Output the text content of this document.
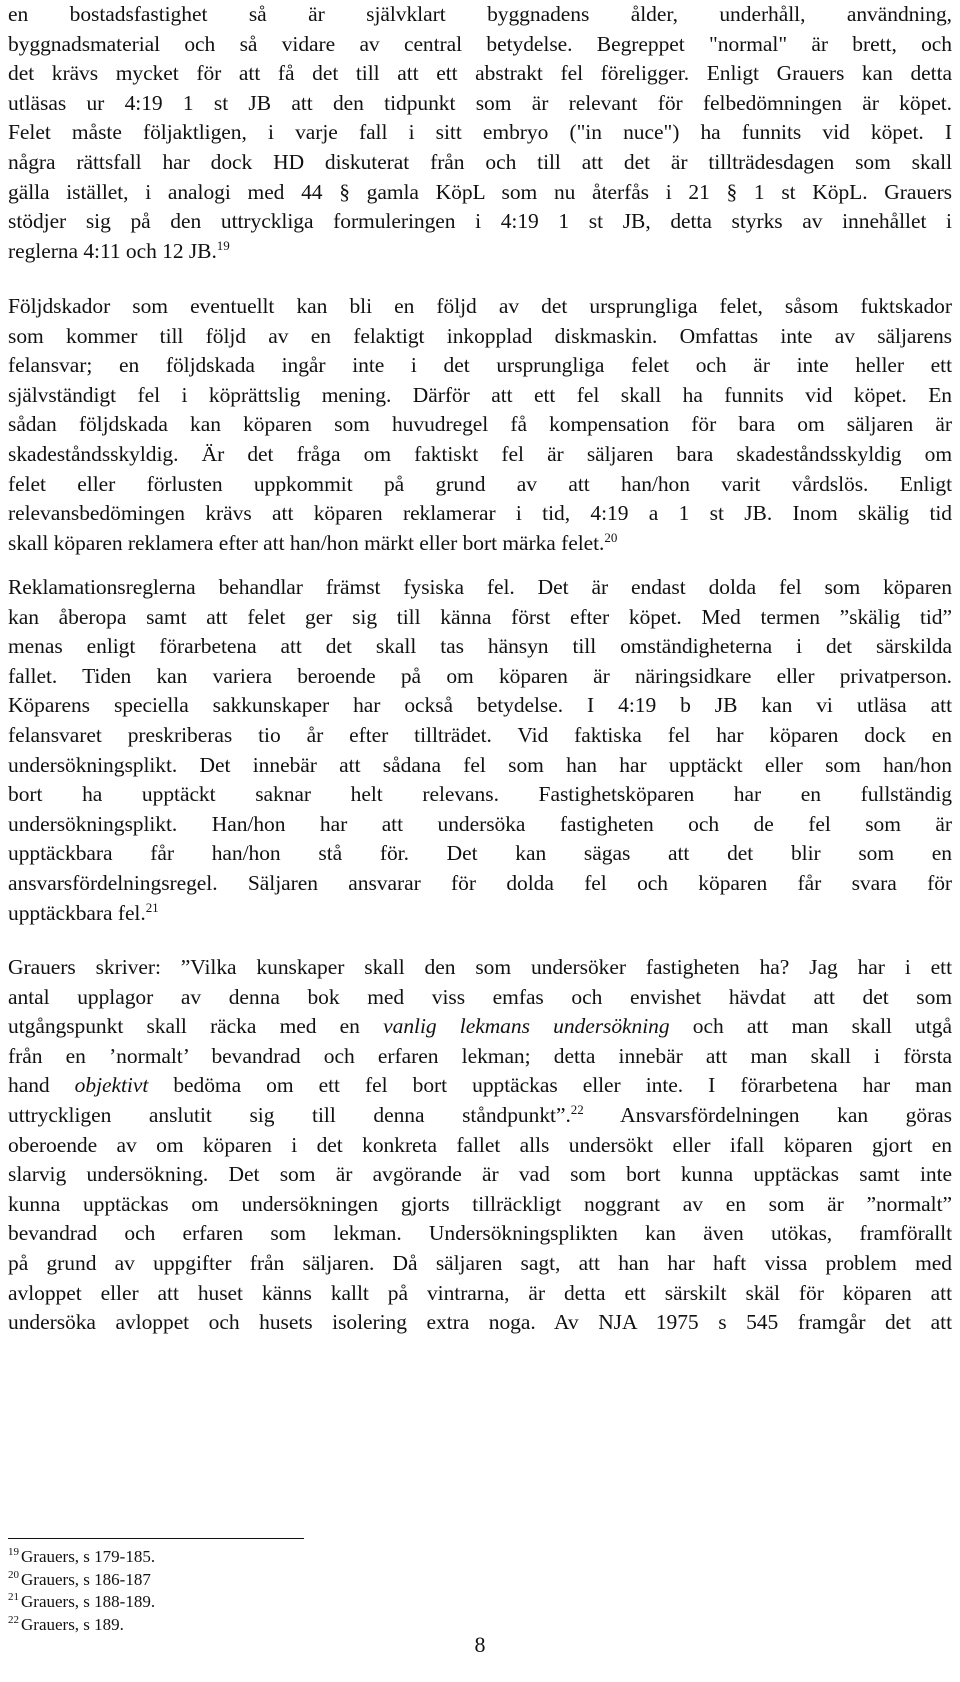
en bostadsfastighet så är självklart byggnadens ålder, underhåll, användning,
byggnadsmaterial och så vidare av central betydelse. Begreppet "normal" är brett, och
det krävs mycket för att få det till att ett abstrakt fel föreligger. Enligt Grauers kan detta
utläsas ur 4:19 1 st JB att den tidpunkt som är relevant för felbedömningen är köpet.
Felet måste följaktligen, i varje fall i sitt embryo ("in nuce") ha funnits vid köpet. I
några rättsfall har dock HD diskuterat från och till att det är tillträdesdagen som skall
gälla istället, i analogi med 44 § gamla KöpL som nu återfås i 21 § 1 st KöpL. Grauers
stödjer sig på den uttryckliga formuleringen i 4:19 1 st JB, detta styrks av innehållet i
reglerna 4:11 och 12 JB.$^{19}$
Följdskador som eventuellt kan bli en följd av det ursprungliga felet, såsom fuktskador
som kommer till följd av en felaktigt inkopplad diskmaskin. Omfattas inte av säljarens
felansvar; en följdskada ingår inte i det ursprungliga felet och är inte heller ett
självständigt fel i köprättslig mening. Därför att ett fel skall ha funnits vid köpet. En
sådan följdskada kan köparen som huvudregel få kompensation för bara om säljaren är
skadeståndsskyldig. Är det fråga om faktiskt fel är säljaren bara skadeståndsskyldig om
felet eller förlusten uppkommit på grund av att han/hon varit vårdslös. Enligt
relevansbedömingen krävs att köparen reklamerar i tid, 4:19 a 1 st JB. Inom skälig tid
skall köparen reklamera efter att han/hon märkt eller bort märka felet.$^{20}$
Reklamationsreglerna behandlar främst fysiska fel. Det är endast dolda fel som köparen
kan åberopa samt att felet ger sig till känna först efter köpet. Med termen ”skälig tid”
menas enligt förarbetena att det skall tas hänsyn till omständigheterna i det särskilda
fallet. Tiden kan variera beroende på om köparen är näringsidkare eller privatperson.
Köparens speciella sakkunskaper har också betydelse. I 4:19 b JB kan vi utläsa att
felansvaret preskriberas tio år efter tillträdet. Vid faktiska fel har köparen dock en
undersökningsplikt. Det innebär att sådana fel som han har upptäckt eller som han/hon
bort ha upptäckt saknar helt relevans. Fastighetsköparen har en fullständig
undersökningsplikt. Han/hon har att undersöka fastigheten och de fel som är
upptäckbara får han/hon stå för. Det kan sägas att det blir som en
ansvarsfördelningsregel. Säljaren ansvarar för dolda fel och köparen får svara för
upptäckbara fel.$^{21}$
Grauers skriver: ”Vilka kunskaper skall den som undersöker fastigheten ha? Jag har i ett
antal upplagor av denna bok med viss emfas och envishet hävdat att det som
utgångspunkt skall räcka med en vanlig lekmans undersökning och att man skall utgå
från en ’normalt’ bevandrad och erfaren lekman; detta innebär att man skall i första
hand objektivt bedöma om ett fel bort upptäckas eller inte. I förarbetena har man
uttryckligen anslutit sig till denna ståndpunkt”.$^{22}$ Ansvarsfördelningen kan göras
oberoende av om köparen i det konkreta fallet alls undersökt eller ifall köparen gjort en
slarvig undersökning. Det som är avgörande är vad som bort kunna upptäckas samt inte
kunna upptäckas om undersökningen gjorts tillräckligt noggrant av en som är ”normalt”
bevandrad och erfaren som lekman. Undersökningsplikten kan även utökas, framförallt
på grund av uppgifter från säljaren. Då säljaren sagt, att han har haft vissa problem med
avloppet eller att huset känns kallt på vintrarna, är detta ett särskilt skäl för köparen att
undersöka avloppet och husets isolering extra noga. Av NJA 1975 s 545 framgår det att
$^{19}$ Grauers, s 179-185.
$^{20}$ Grauers, s 186-187
$^{21}$ Grauers, s 188-189.
$^{22}$ Grauers, s 189.
8
